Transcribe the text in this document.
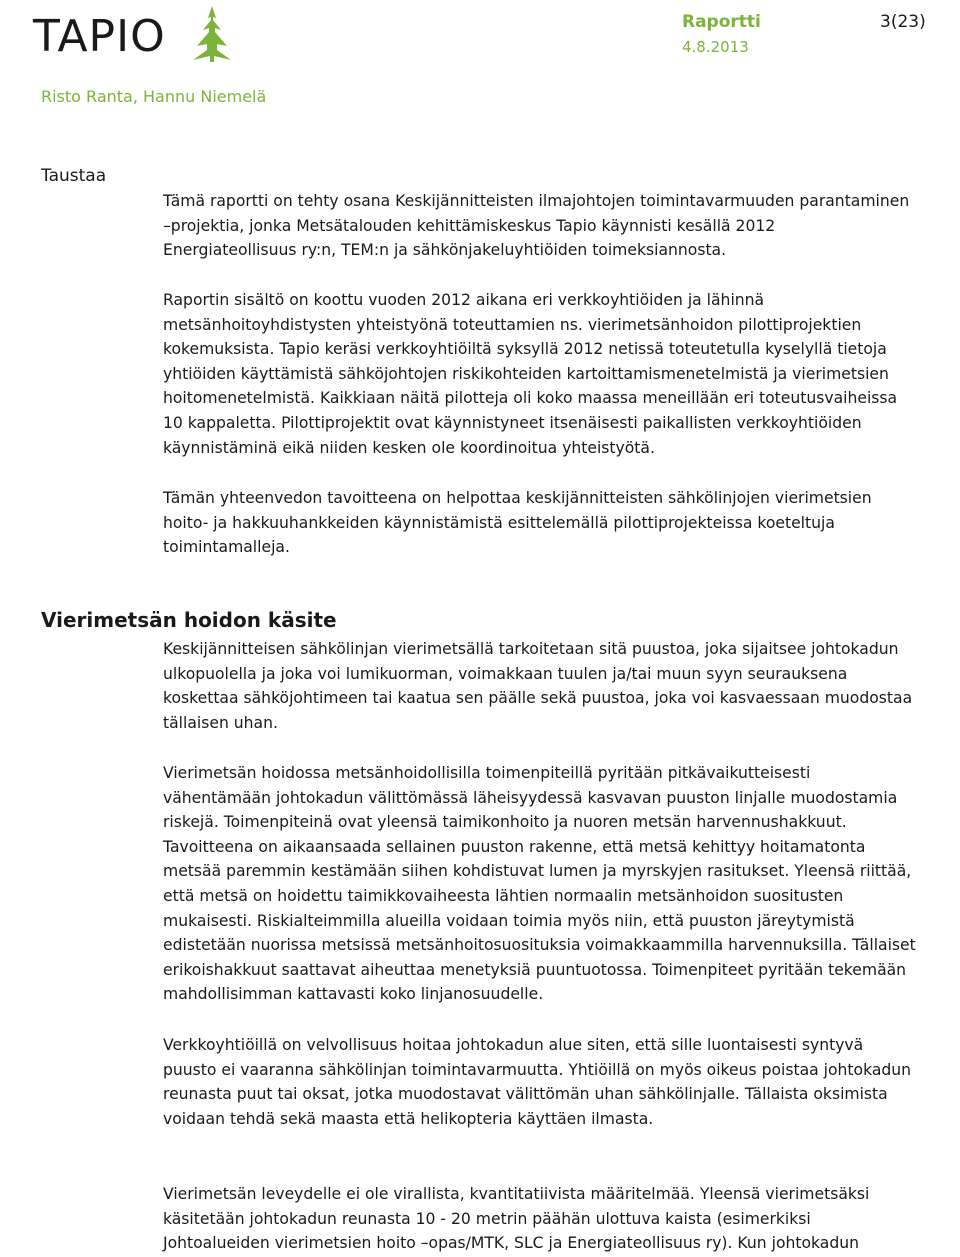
TAPIO	Raportti	3(23)
4.8.2013
Risto Ranta, Hannu Niemelä
Taustaa

Tämä raportti on tehty osana Keskijännitteisten ilmajohtojen toimintavarmuuden parantaminen
–projektia, jonka Metsätalouden kehittämiskeskus Tapio käynnisti kesällä 2012
Energiateollisuus ry:n, TEM:n ja sähkönjakeluyhtiöiden toimeksiannosta.

Raportin sisältö on koottu vuoden 2012 aikana eri verkkoyhtiöiden ja lähinnä
metsänhoitoyhdistysten yhteistyönä toteuttamien ns. vierimetsänhoidon pilottiprojektien
kokemuksista. Tapio keräsi verkkoyhtiöiltä syksyllä 2012 netissä toteutetulla kyselyllä tietoja
yhtiöiden käyttämistä sähköjohtojen riskikohteiden kartoittamismenetelmistä ja vierimetsien
hoitomenetelmistä. Kaikkiaan näitä pilotteja oli koko maassa meneillään eri toteutusvaiheissa
10 kappaletta. Pilottiprojektit ovat käynnistyneet itsenäisesti paikallisten verkkoyhtiöiden
käynnistäminä eikä niiden kesken ole koordinoitua yhteistyötä.

Tämän yhteenvedon tavoitteena on helpottaa keskijännitteisten sähkölinjojen vierimetsien
hoito- ja hakkuuhankkeiden käynnistämistä esittelemällä pilottiprojekteissa koeteltuja
toimintamalleja.

Vierimetsän hoidon käsite

Keskijännitteisen sähkölinjan vierimetsällä tarkoitetaan sitä puustoa, joka sijaitsee johtokadun
ulkopuolella ja joka voi lumikuorman, voimakkaan tuulen ja/tai muun syyn seurauksena
koskettaa sähköjohtimeen tai kaatua sen päälle sekä puustoa, joka voi kasvaessaan muodostaa
tällaisen uhan.

Vierimetsän hoidossa metsänhoidollisilla toimenpiteillä pyritään pitkävaikutteisesti
vähentämään johtokadun välittömässä läheisyydessä kasvavan puuston linjalle muodostamia
riskejä. Toimenpiteinä ovat yleensä taimikonhoito ja nuoren metsän harvennushakkuut.
Tavoitteena on aikaansaada sellainen puuston rakenne, että metsä kehittyy hoitamatonta
metsää paremmin kestämään siihen kohdistuvat lumen ja myrskyjen rasitukset. Yleensä riittää,
että metsä on hoidettu taimikkovaiheesta lähtien normaalin metsänhoidon suositusten
mukaisesti. Riskialteimmilla alueilla voidaan toimia myös niin, että puuston järeytymistä
edistetään nuorissa metsissä metsänhoitosuosituksia voimakkaammilla harvennuksilla. Tällaiset
erikoishakkuut saattavat aiheuttaa menetyksiä puuntuotossa. Toimenpiteet pyritään tekemään
mahdollisimman kattavasti koko linjanosuudelle.

Verkkoyhtiöillä on velvollisuus hoitaa johtokadun alue siten, että sille luontaisesti syntyvä
puusto ei vaaranna sähkölinjan toimintavarmuutta. Yhtiöillä on myös oikeus poistaa johtokadun
reunasta puut tai oksat, jotka muodostavat välittömän uhan sähkölinjalle. Tällaista oksimista
voidaan tehdä sekä maasta että helikopteria käyttäen ilmasta.

Vierimetsän leveydelle ei ole virallista, kvantitatiivista määritelmää. Yleensä vierimetsäksi
käsitetään johtokadun reunasta 10 - 20 metrin päähän ulottuva kaista (esimerkiksi
Johtoalueiden vierimetsien hoito –opas/MTK, SLC ja Energiateollisuus ry). Kun johtokadun
